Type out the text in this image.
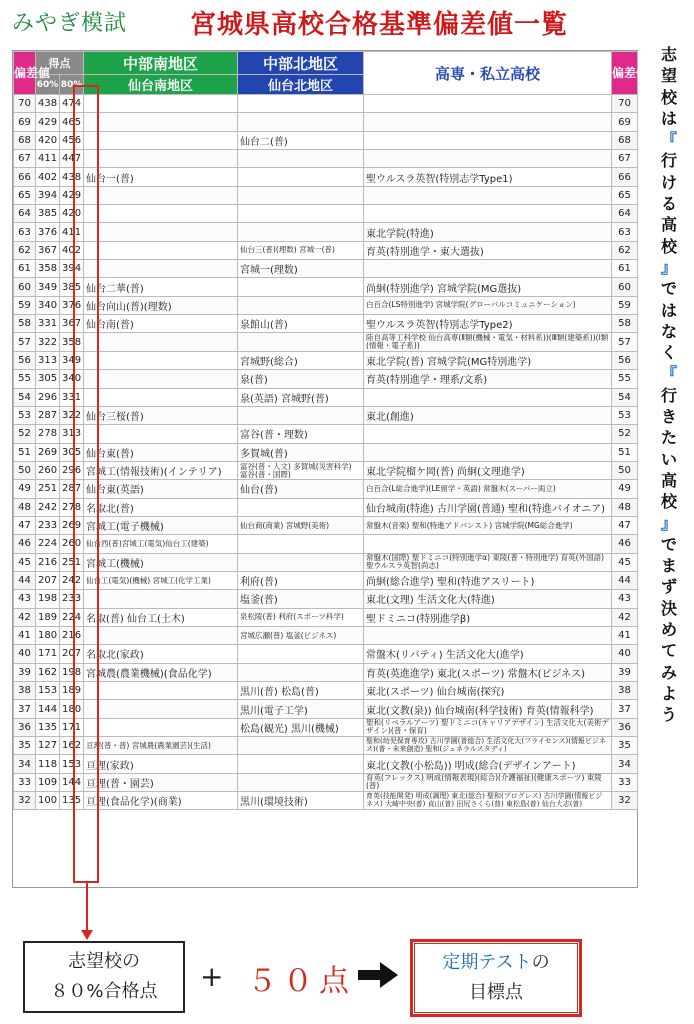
みやぎ模試 宮城県高校合格基準偏差値一覧
志
望
校
は
『
行
け
る
高
校
』
で
は
な
く
『
行
き
た
い
高
校
』
で
ま
ず
決
め
て
み
よ
う
偏差値	得点		中部南地区	中部北地区	高専・私立高校	偏差値
	60%	80%	仙台南地区	仙台北地区		
70	438	474				70
69	429	465				69
68	420	456		仙台二(普)		68
67	411	447				67
66	402	438	仙台一(普)		聖ウルスラ英智(特別志学Type1)	66
65	394	429				65
64	385	420				64
63	376	411			東北学院(特進)	63
62	367	402		仙台三(普)(理数) 宮城一(普)	育英(特別進学・東大選抜)	62
61	358	394		宮城一(理数)		61
60	349	385	仙台二華(普)		尚絅(特別進学) 宮城学院(MG選抜)	60
59	340	376	仙台向山(普)(理数)		白百合(LS特別進学) 宮城学院(グローバルコミュニケーション)	59
58	331	367	仙台南(普)	泉館山(普)	聖ウルスラ英智(特別志学Type2)	58
57	322	358			陸自高等工科学校 仙台高専(Ⅱ類(機械・電気・材料系))(Ⅲ類(建築系))(Ⅰ類(情報・電子系))	57
56	313	349		宮城野(総合)	東北学院(普) 宮城学院(MG特別進学)	56
55	305	340		泉(普)	育英(特別進学・理系/文系)	55
54	296	331		泉(英語) 宮城野(普)		54
53	287	322	仙台三桜(普)		東北(創進)	53
52	278	313		富谷(普・理数)		52
51	269	305	仙台東(普)	多賀城(普)		51
50	260	296	宮城工(情報技術)(インテリア)	富谷(普・人文) 多賀城(災害科学) 富谷(普・国際)	東北学院榴ケ岡(普) 尚絅(文理進学)	50
49	251	287	仙台東(英語)	仙台(普)	白百合(L総合進学)(LE留学・英語) 常盤木(スーパー両立)	49
48	242	278	名取北(普)		仙台城南(特進) 古川学園(普通) 聖和(特進バイオニア)	48
47	233	269	宮城工(電子機械)	仙台商(商業) 宮城野(美術)	常盤木(音楽) 聖和(特進アドバンスト) 宮城学院(MG総合進学)	47
46	224	260	仙台西(普)宮城工(電気)仙台工(建築)			46
45	216	251	宮城工(機械)		常盤木(国際) 聖ドミニコ(特別進学α) 東陵(普・特別進学) 育英(外国語) 聖ウルスラ英智(尚志)	45
44	207	242	仙台工(電気)(機械) 宮城工(化学工業)	利府(普)	尚絅(総合進学) 聖和(特進アスリート)	44
43	198	233		塩釜(普)	東北(文理) 生活文化大(特進)	43
42	189	224	名取(普) 仙台工(土木)	泉松陵(普) 利府(スポーツ科学)	聖ドミニコ(特別進学β)	42
41	180	216		宮城広瀬(普) 塩釜(ビジネス)		41
40	171	207	名取北(家政)		常盤木(リバティ) 生活文化大(進学)	40
39	162	198	宮城農(農業機械)(食品化学)		育英(英進進学) 東北(スポーツ) 常盤木(ビジネス)	39
38	153	189		黒川(普) 松島(普)	東北(スポーツ) 仙台城南(探究)	38
37	144	180		黒川(電子工学)	東北(文教(泉)) 仙台城南(科学技術) 育英(情報科学)	37
36	135	171		松島(観光) 黒川(機械)	聖和(リベラルアーツ) 聖ドミニコ(キャリアデザイン) 生活文化大(美術デザイン)(普・保育)	36
35	127	162	亘理(普・普) 宮城農(農業園芸)(生活)		聖和(幼児保育専攻) 古川学園(普総合) 生活文化大(フライセンス)(情報ビジネス)(普・未来創造) 聖和(ジェネラルスタディ)	35
34	118	153	亘理(家政)		東北(文教(小松島)) 明成(総合(デザインアート)	34
33	109	144	亘理(普・園芸)		育英(フレックス) 明成(情報表現)(総合)(介護福祉)(健康スポーツ) 東陵(普)	33
32	100	135	亘理(食品化学)(商業)	黒川(環境技術)	育英(技能開発) 明成(調理) 東北(総合) 聖和(プログレス) 古川学園(情報ビジネス) 大崎中央(普) 貞山(普) 田尻さくら(普) 東松島(普) 仙台大志(普)	32
志望校の
８０%合格点	+ ５０点
定期テストの
目標点
